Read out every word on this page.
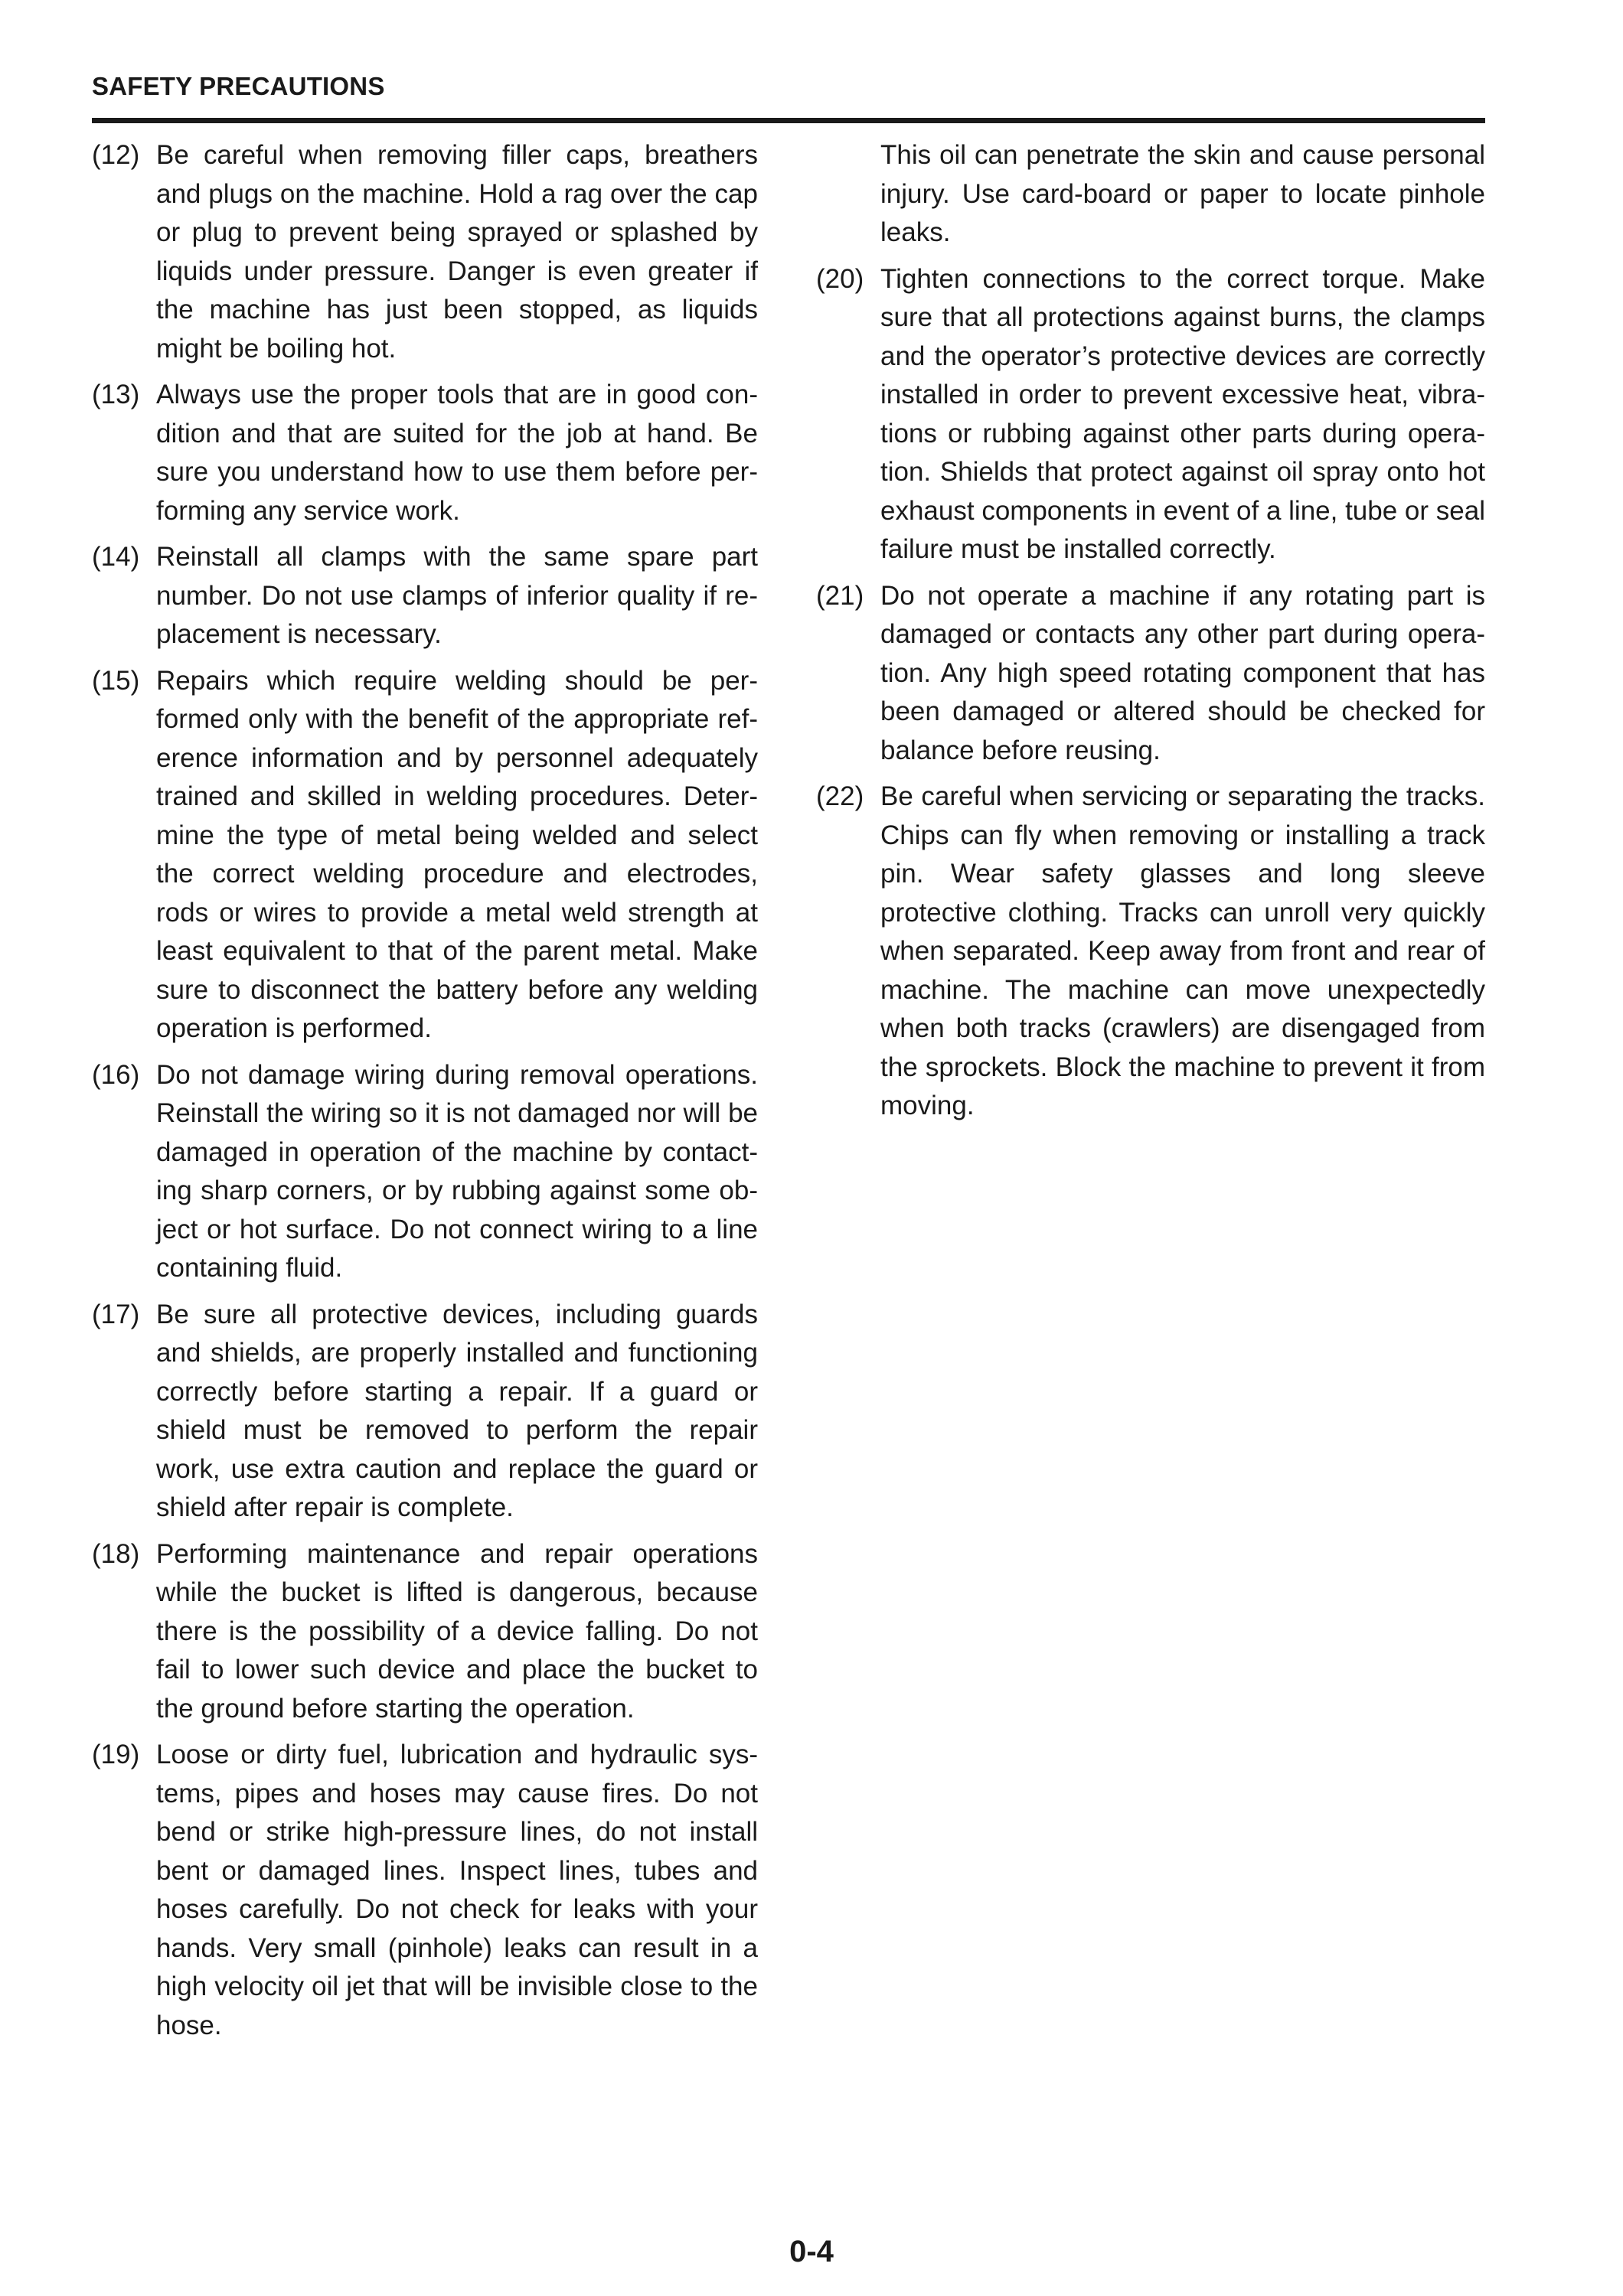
SAFETY PRECAUTIONS
(12) Be careful when removing filler caps, breathers and plugs on the machine. Hold a rag over the cap or plug to prevent being sprayed or splashed by liquids under pressure. Danger is even greater if the machine has just been stopped, as liquids might be boiling hot.
(13) Always use the proper tools that are in good con-dition and that are suited for the job at hand. Be sure you understand how to use them before per-forming any service work.
(14) Reinstall all clamps with the same spare part number. Do not use clamps of inferior quality if re-placement is necessary.
(15) Repairs which require welding should be per-formed only with the benefit of the appropriate ref-erence information and by personnel adequately trained and skilled in welding procedures. Deter-mine the type of metal being welded and select the correct welding procedure and electrodes, rods or wires to provide a metal weld strength at least equivalent to that of the parent metal. Make sure to disconnect the battery before any welding operation is performed.
(16) Do not damage wiring during removal operations. Reinstall the wiring so it is not damaged nor will be damaged in operation of the machine by contact-ing sharp corners, or by rubbing against some ob-ject or hot surface. Do not connect wiring to a line containing fluid.
(17) Be sure all protective devices, including guards and shields, are properly installed and functioning correctly before starting a repair. If a guard or shield must be removed to perform the repair work, use extra caution and replace the guard or shield after repair is complete.
(18) Performing maintenance and repair operations while the bucket is lifted is dangerous, because there is the possibility of a device falling. Do not fail to lower such device and place the bucket to the ground before starting the operation.
(19) Loose or dirty fuel, lubrication and hydraulic sys-tems, pipes and hoses may cause fires. Do not bend or strike high-pressure lines, do not install bent or damaged lines. Inspect lines, tubes and hoses carefully. Do not check for leaks with your hands. Very small (pinhole) leaks can result in a high velocity oil jet that will be invisible close to the hose.
This oil can penetrate the skin and cause personal injury. Use card-board or paper to locate pinhole leaks.
(20) Tighten connections to the correct torque. Make sure that all protections against burns, the clamps and the operator’s protective devices are correctly installed in order to prevent excessive heat, vibra-tions or rubbing against other parts during opera-tion. Shields that protect against oil spray onto hot exhaust components in event of a line, tube or seal failure must be installed correctly.
(21) Do not operate a machine if any rotating part is damaged or contacts any other part during opera-tion. Any high speed rotating component that has been damaged or altered should be checked for balance before reusing.
(22) Be careful when servicing or separating the tracks. Chips can fly when removing or installing a track pin. Wear safety glasses and long sleeve protective clothing. Tracks can unroll very quickly when separated. Keep away from front and rear of machine. The machine can move unexpectedly when both tracks (crawlers) are disengaged from the sprockets. Block the machine to prevent it from moving.
0-4
